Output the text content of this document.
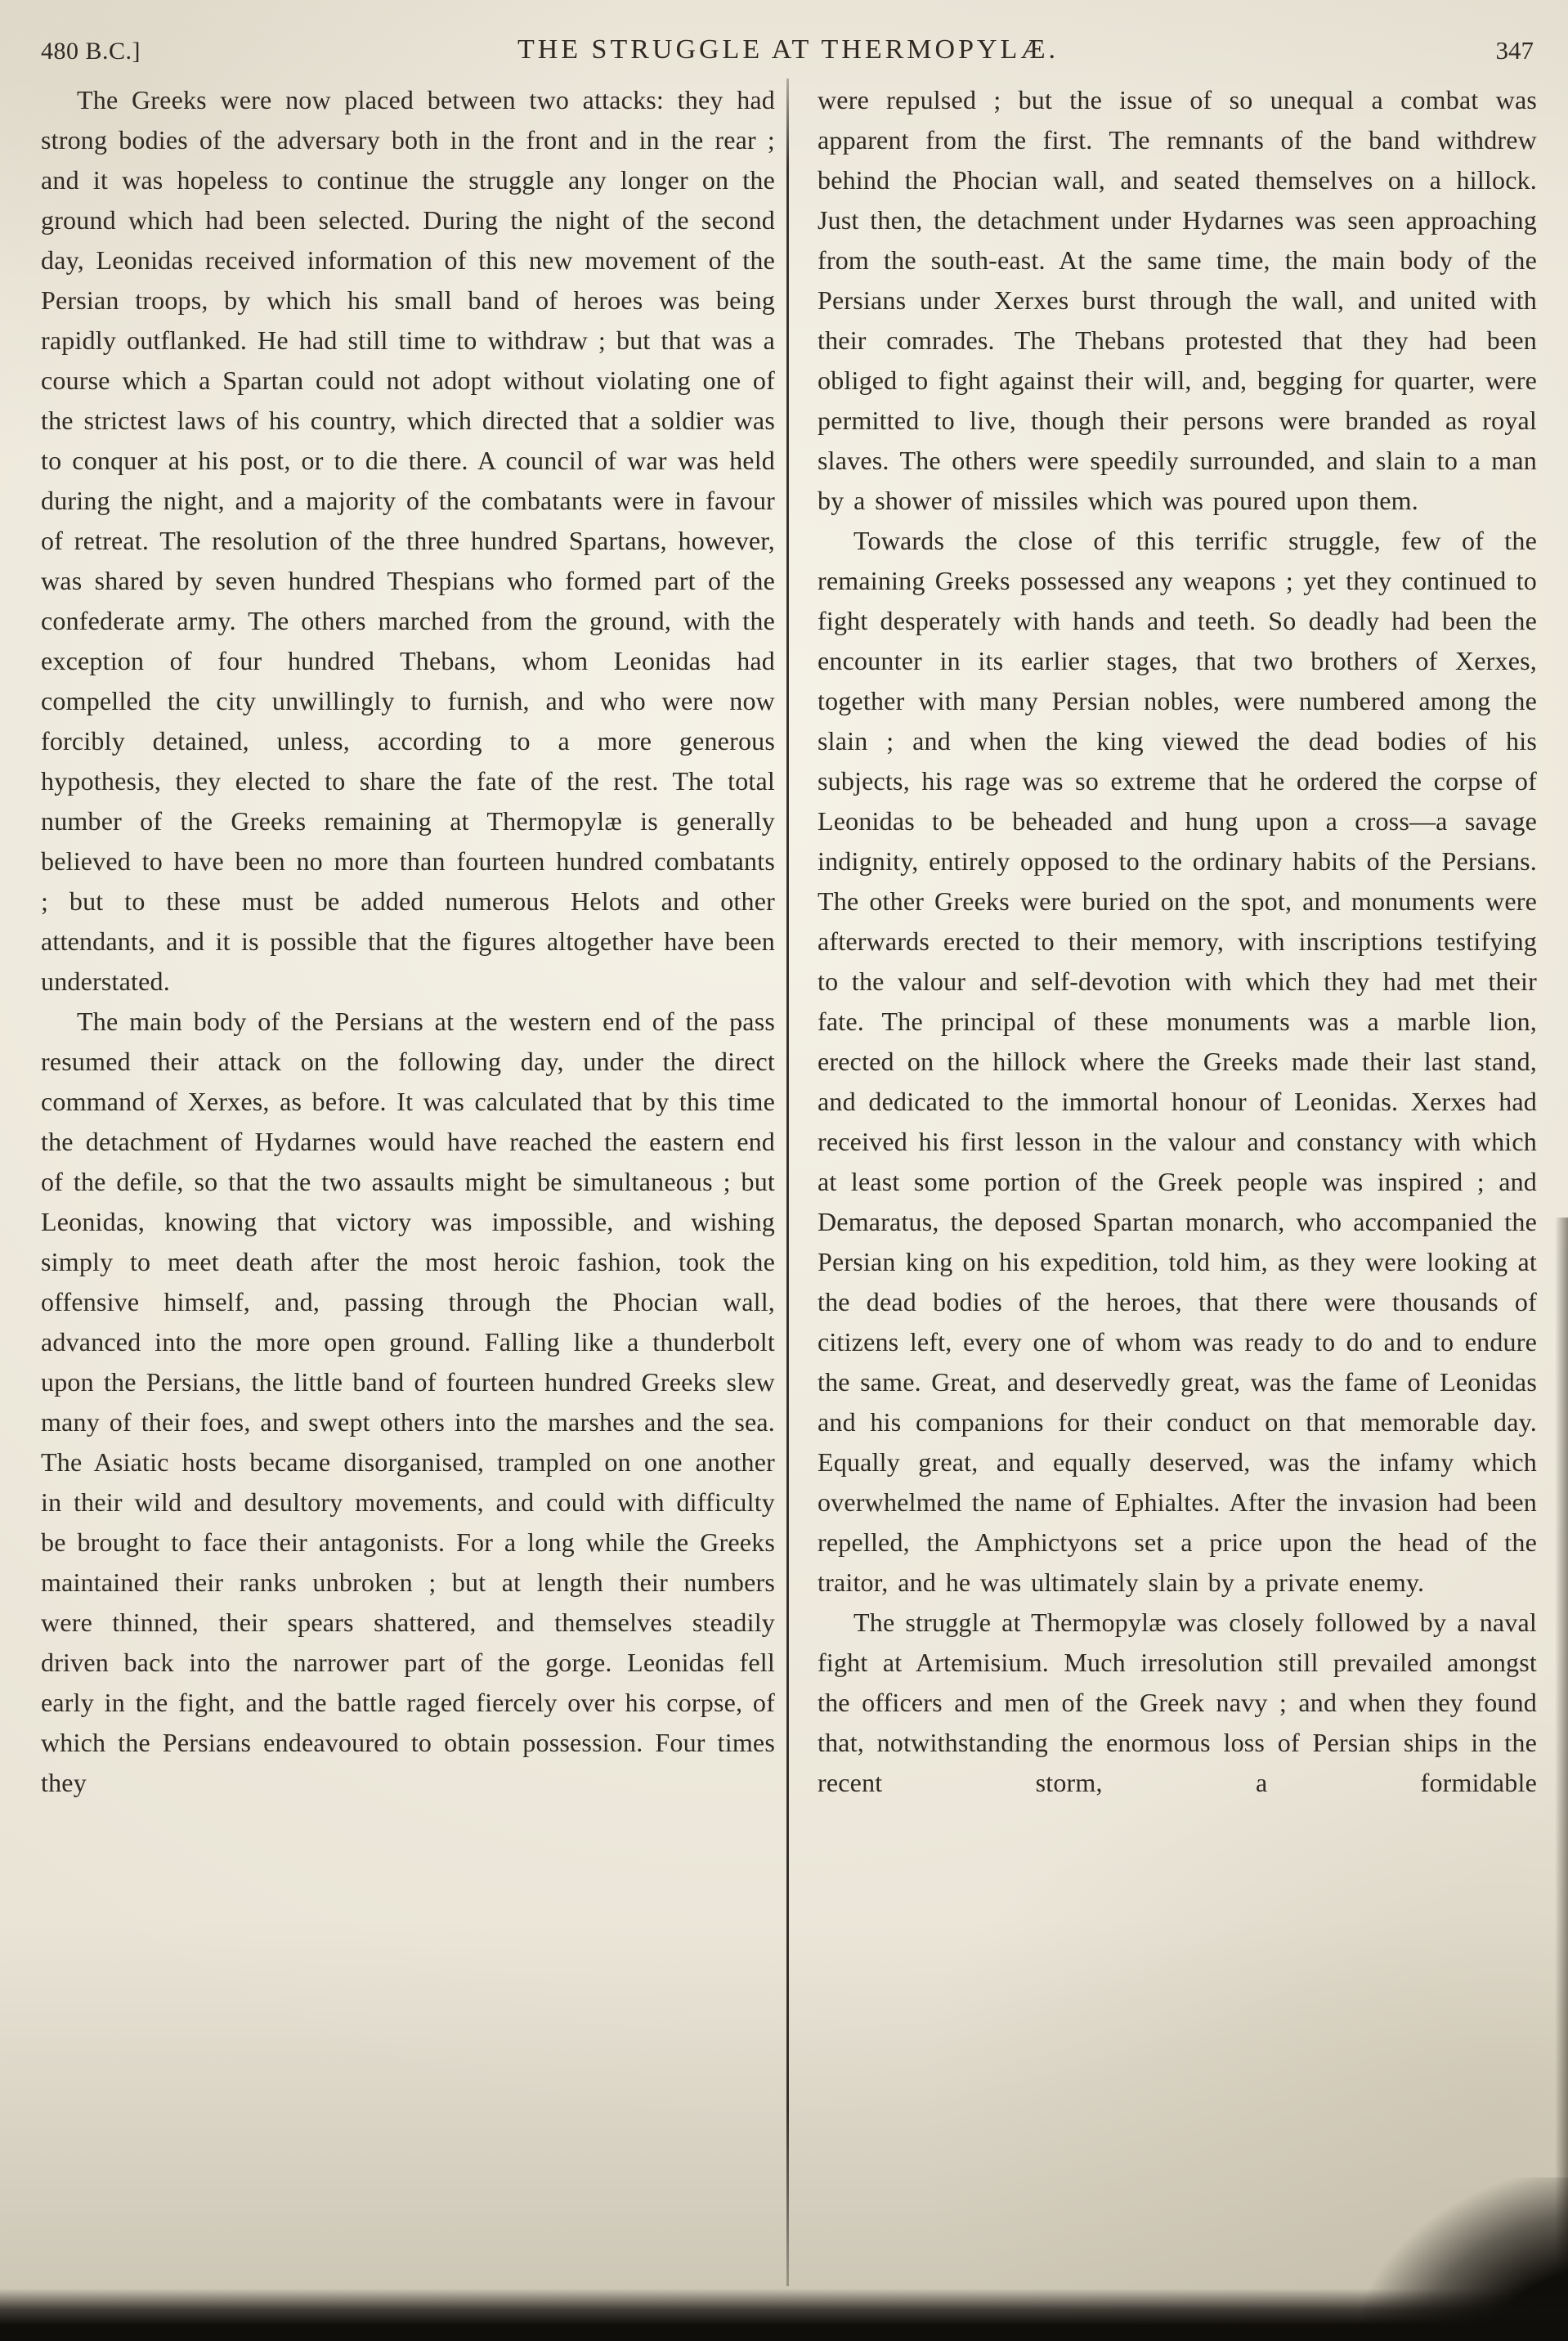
480 B.C.]	THE STRUGGLE AT THERMOPYLÆ.	347

The Greeks were now placed between two attacks: they had strong bodies of the adversary both in the front and in the rear ; and it was hopeless to continue the struggle any longer on the ground which had been selected. During the night of the second day, Leonidas received information of this new movement of the Persian troops, by which his small band of heroes was being rapidly outflanked. He had still time to withdraw ; but that was a course which a Spartan could not adopt without violating one of the strictest laws of his country, which directed that a soldier was to conquer at his post, or to die there. A council of war was held during the night, and a majority of the combatants were in favour of retreat. The resolution of the three hundred Spartans, however, was shared by seven hundred Thespians who formed part of the confederate army. The others marched from the ground, with the exception of four hundred Thebans, whom Leonidas had compelled the city unwillingly to furnish, and who were now forcibly detained, unless, according to a more generous hypothesis, they elected to share the fate of the rest. The total number of the Greeks remaining at Thermopylæ is generally believed to have been no more than fourteen hundred combatants ; but to these must be added numerous Helots and other attendants, and it is possible that the figures altogether have been understated.

The main body of the Persians at the western end of the pass resumed their attack on the following day, under the direct command of Xerxes, as before. It was calculated that by this time the detachment of Hydarnes would have reached the eastern end of the defile, so that the two assaults might be simultaneous ; but Leonidas, knowing that victory was impossible, and wishing simply to meet death after the most heroic fashion, took the offensive himself, and, passing through the Phocian wall, advanced into the more open ground. Falling like a thunderbolt upon the Persians, the little band of fourteen hundred Greeks slew many of their foes, and swept others into the marshes and the sea. The Asiatic hosts became disorganised, trampled on one another in their wild and desultory movements, and could with difficulty be brought to face their antagonists. For a long while the Greeks maintained their ranks unbroken ; but at length their numbers were thinned, their spears shattered, and themselves steadily driven back into the narrower part of the gorge. Leonidas fell early in the fight, and the battle raged fiercely over his corpse, of which the Persians endeavoured to obtain possession. Four times they

were repulsed ; but the issue of so unequal a combat was apparent from the first. The remnants of the band withdrew behind the Phocian wall, and seated themselves on a hillock. Just then, the detachment under Hydarnes was seen approaching from the south-east. At the same time, the main body of the Persians under Xerxes burst through the wall, and united with their comrades. The Thebans protested that they had been obliged to fight against their will, and, begging for quarter, were permitted to live, though their persons were branded as royal slaves. The others were speedily surrounded, and slain to a man by a shower of missiles which was poured upon them.

Towards the close of this terrific struggle, few of the remaining Greeks possessed any weapons ; yet they continued to fight desperately with hands and teeth. So deadly had been the encounter in its earlier stages, that two brothers of Xerxes, together with many Persian nobles, were numbered among the slain ; and when the king viewed the dead bodies of his subjects, his rage was so extreme that he ordered the corpse of Leonidas to be beheaded and hung upon a cross—a savage indignity, entirely opposed to the ordinary habits of the Persians. The other Greeks were buried on the spot, and monuments were afterwards erected to their memory, with inscriptions testifying to the valour and self-devotion with which they had met their fate. The principal of these monuments was a marble lion, erected on the hillock where the Greeks made their last stand, and dedicated to the immortal honour of Leonidas. Xerxes had received his first lesson in the valour and constancy with which at least some portion of the Greek people was inspired ; and Demaratus, the deposed Spartan monarch, who accompanied the Persian king on his expedition, told him, as they were looking at the dead bodies of the heroes, that there were thousands of citizens left, every one of whom was ready to do and to endure the same. Great, and deservedly great, was the fame of Leonidas and his companions for their conduct on that memorable day. Equally great, and equally deserved, was the infamy which overwhelmed the name of Ephialtes. After the invasion had been repelled, the Amphictyons set a price upon the head of the traitor, and he was ultimately slain by a private enemy.

The struggle at Thermopylæ was closely followed by a naval fight at Artemisium. Much irresolution still prevailed amongst the officers and men of the Greek navy ; and when they found that, notwithstanding the enormous loss of Persian ships in the recent storm, a formidable
